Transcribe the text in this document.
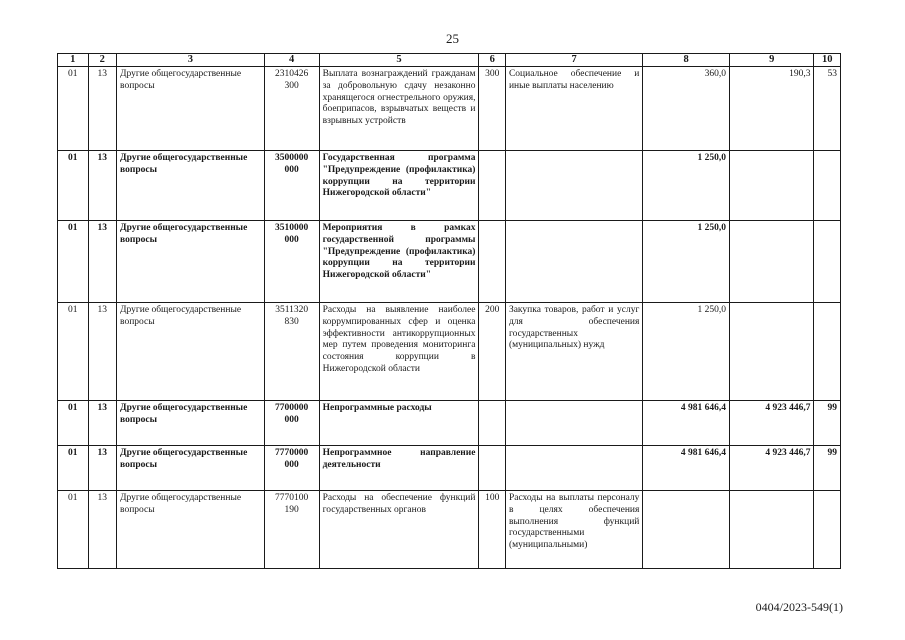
25
1	2	3	4	5	6	7	8	9	10
01	13	Другие общегосударственные вопросы	2310426 300	Выплата вознаграждений гражданам за добровольную сдачу незаконно хранящегося огнестрельного оружия, боеприпасов, взрывчатых веществ и взрывных устройств	300	Социальное обеспечение и иные выплаты населению	360,0	190,3	53
01	13	Другие общегосударственные вопросы	3500000 000	Государственная программа "Предупреждение (профилактика) коррупции на территории Нижегородской области"			1 250,0		
01	13	Другие общегосударственные вопросы	3510000 000	Мероприятия в рамках государственной программы "Предупреждение (профилактика) коррупции на территории Нижегородской области"			1 250,0		
01	13	Другие общегосударственные вопросы	3511320 830	Расходы на выявление наиболее коррумпированных сфер и оценка эффективности антикоррупционных мер путем проведения мониторинга состояния коррупции в Нижегородской области	200	Закупка товаров, работ и услуг для обеспечения государственных (муниципальных) нужд	1 250,0		
01	13	Другие общегосударственные вопросы	7700000 000	Непрограммные расходы			4 981 646,4	4 923 446,7	99
01	13	Другие общегосударственные вопросы	7770000 000	Непрограммное направление деятельности			4 981 646,4	4 923 446,7	99
01	13	Другие общегосударственные вопросы	7770100 190	Расходы на обеспечение функций государственных органов	100	Расходы на выплаты персоналу в целях обеспечения выполнения функций государственными (муниципальными)			
0404/2023-549(1)
